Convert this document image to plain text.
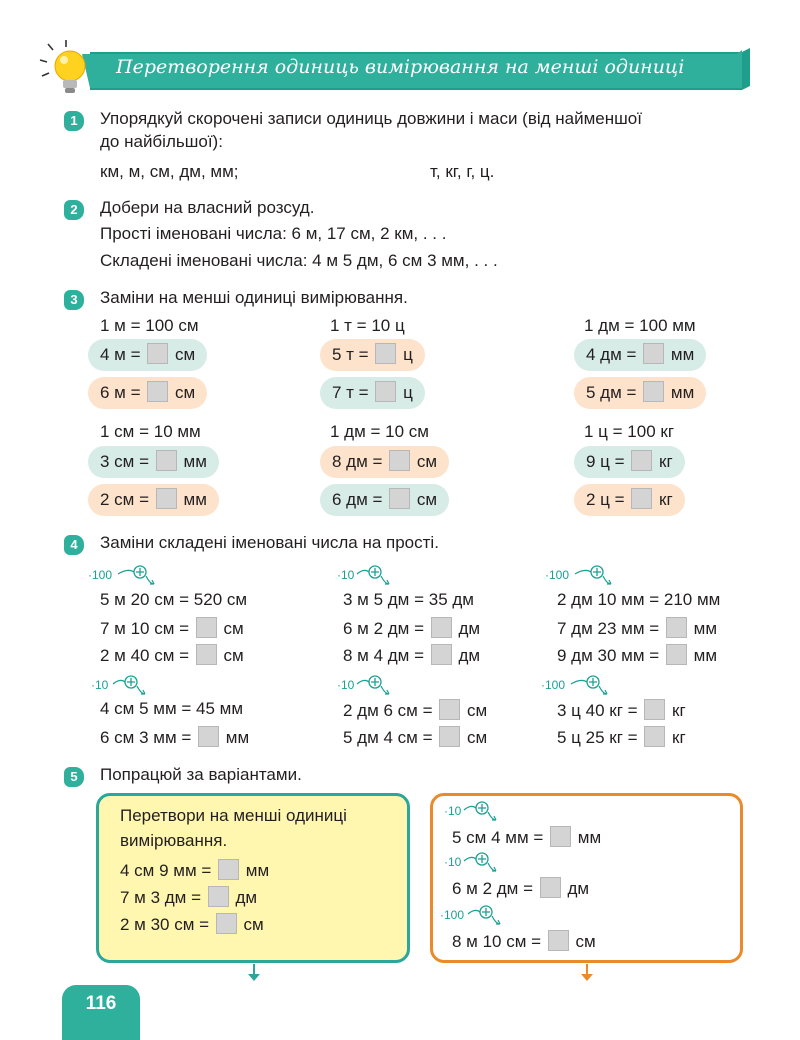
Перетворення одиниць вимірювання на менші одиниці
1	Упорядкуй скорочені записи одиниць довжини і маси (від найменшої
до найбільшої):
км, м, см, дм, мм;	т, кг, г, ц.
2	Добери на власний розсуд.
Прості іменовані числа: 6 м, 17 см, 2 км, . . .
Складені іменовані числа: 4 м 5 дм, 6 см 3 мм, . . .
3	Заміни на менші одиниці вимірювання.
1 м = 100 см	1 т = 10 ц	1 дм = 100 мм
4 м = см	5 т = ц	4 дм = мм
6 м = см	7 т = ц	5 дм = мм
1 см = 10 мм	1 дм = 10 см	1 ц = 100 кг
3 см = мм	8 дм = см	9 ц = кг
2 см = мм	6 дм = см	2 ц = кг
4	Заміни складені іменовані числа на прості.
·100	·10	·100
5 м 20 см = 520 см
7 м 10 см = см
2 м 40 см = см
3 м 5 дм = 35 дм
6 м 2 дм = дм
8 м 4 дм = дм
2 дм 10 мм = 210 мм
7 дм 23 мм = мм
9 дм 30 мм = мм
·10	·10	·100
4 см 5 мм = 45 мм
6 см 3 мм = мм
2 дм 6 см = см
5 дм 4 см = см
3 ц 40 кг = кг
5 ц 25 кг = кг
5	Попрацюй за варіантами.
Перетвори на менші одиниці
вимірювання.
4 см 9 мм = мм
7 м 3 дм = дм
2 м 30 см = см
·10
5 см 4 мм = мм
·10
6 м 2 дм = дм
·100
8 м 10 см = см
116
